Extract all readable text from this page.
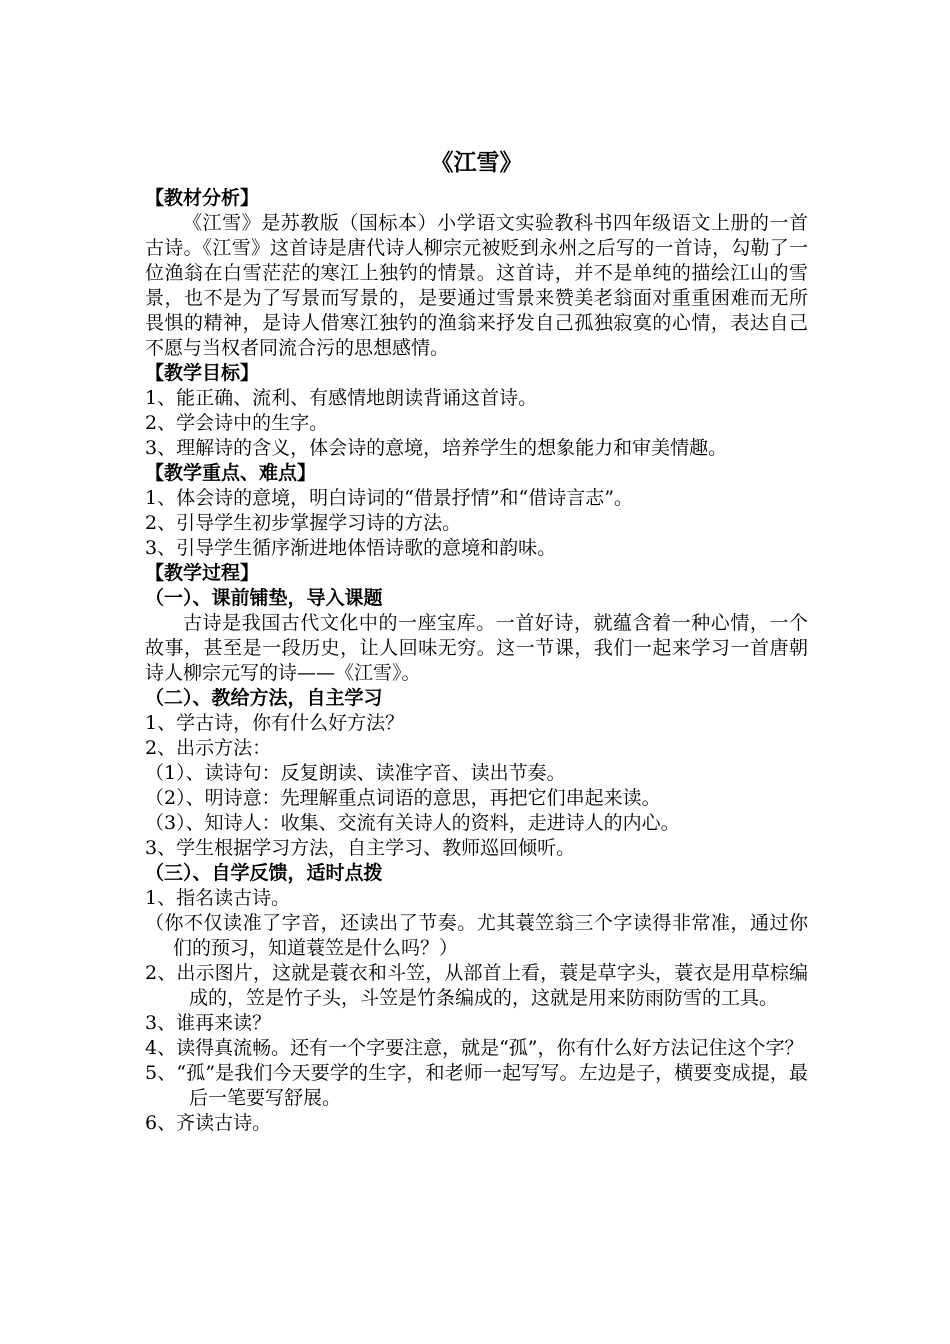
《江雪》
【教材分析】

《江雪》是苏教版（国标本）小学语文实验教科书四年级语文上册的一首古诗。《江雪》这首诗是唐代诗人柳宗元被贬到永州之后写的一首诗，勾勒了一位渔翁在白雪茫茫的寒江上独钓的情景。这首诗，并不是单纯的描绘江山的雪景，也不是为了写景而写景的，是要通过雪景来赞美老翁面对重重困难而无所畏惧的精神，是诗人借寒江独钓的渔翁来抒发自己孤独寂寞的心情，表达自己不愿与当权者同流合污的思想感情。

【教学目标】
1、能正确、流利、有感情地朗读背诵这首诗。
2、学会诗中的生字。
3、理解诗的含义，体会诗的意境，培养学生的想象能力和审美情趣。
【教学重点、难点】
1、体会诗的意境，明白诗词的“借景抒情”和“借诗言志”。
2、引导学生初步掌握学习诗的方法。
3、引导学生循序渐进地体悟诗歌的意境和韵味。
【教学过程】
（一）、课前铺垫，导入课题

古诗是我国古代文化中的一座宝库。一首好诗，就蕴含着一种心情，一个故事，甚至是一段历史，让人回味无穷。这一节课，我们一起来学习一首唐朝诗人柳宗元写的诗——《江雪》。

（二）、教给方法，自主学习
1、学古诗，你有什么好方法？
2、出示方法：
（1）、读诗句：反复朗读、读准字音、读出节奏。
（2）、明诗意：先理解重点词语的意思，再把它们串起来读。
（3）、知诗人：收集、交流有关诗人的资料，走进诗人的内心。
3、学生根据学习方法，自主学习、教师巡回倾听。
（三）、自学反馈，适时点拨
1、指名读古诗。

（你不仅读准了字音，还读出了节奏。尤其蓑笠翁三个字读得非常准，通过你们的预习，知道蓑笠是什么吗？）

2、出示图片，这就是蓑衣和斗笠，从部首上看，蓑是草字头，蓑衣是用草棕编成的，笠是竹子头，斗笠是竹条编成的，这就是用来防雨防雪的工具。

3、谁再来读？

4、读得真流畅。还有一个字要注意，就是“孤”，你有什么好方法记住这个字？

5、“孤”是我们今天要学的生字，和老师一起写写。左边是子，横要变成提，最后一笔要写舒展。

6、齐读古诗。
